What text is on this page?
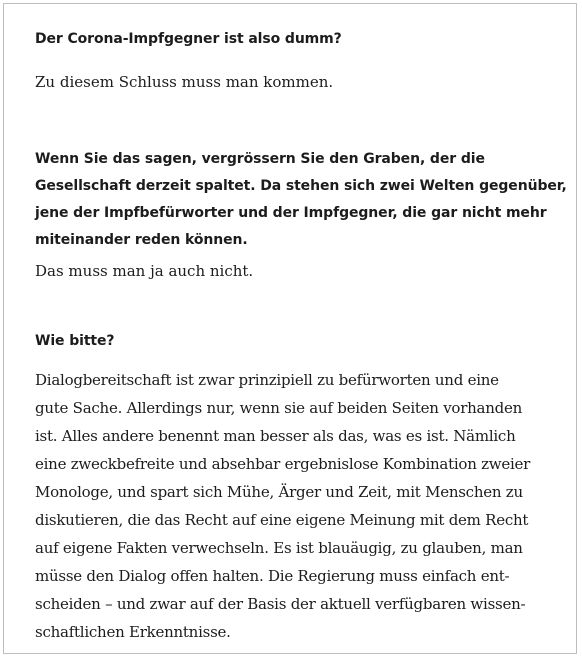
Der Corona-Impfgegner ist also dumm?

Zu diesem Schluss muss man kommen.

Wenn Sie das sagen, vergrössern Sie den Graben, der die
Gesellschaft derzeit spaltet. Da stehen sich zwei Welten gegenüber,
jene der Impfbefürworter und der Impfgegner, die gar nicht mehr
miteinander reden können.

Das muss man ja auch nicht.

Wie bitte?

Dialogbereitschaft ist zwar prinzipiell zu befürworten und eine
gute Sache. Allerdings nur, wenn sie auf beiden Seiten vorhanden
ist. Alles andere benennt man besser als das, was es ist. Nämlich
eine zweckbefreite und absehbar ergebnislose Kombination zweier
Monologe, und spart sich Mühe, Ärger und Zeit, mit Menschen zu
diskutieren, die das Recht auf eine eigene Meinung mit dem Recht
auf eigene Fakten verwechseln. Es ist blauäugig, zu glauben, man
müsse den Dialog offen halten. Die Regierung muss einfach ent-
scheiden – und zwar auf der Basis der aktuell verfügbaren wissen-
schaftlichen Erkenntnisse.
